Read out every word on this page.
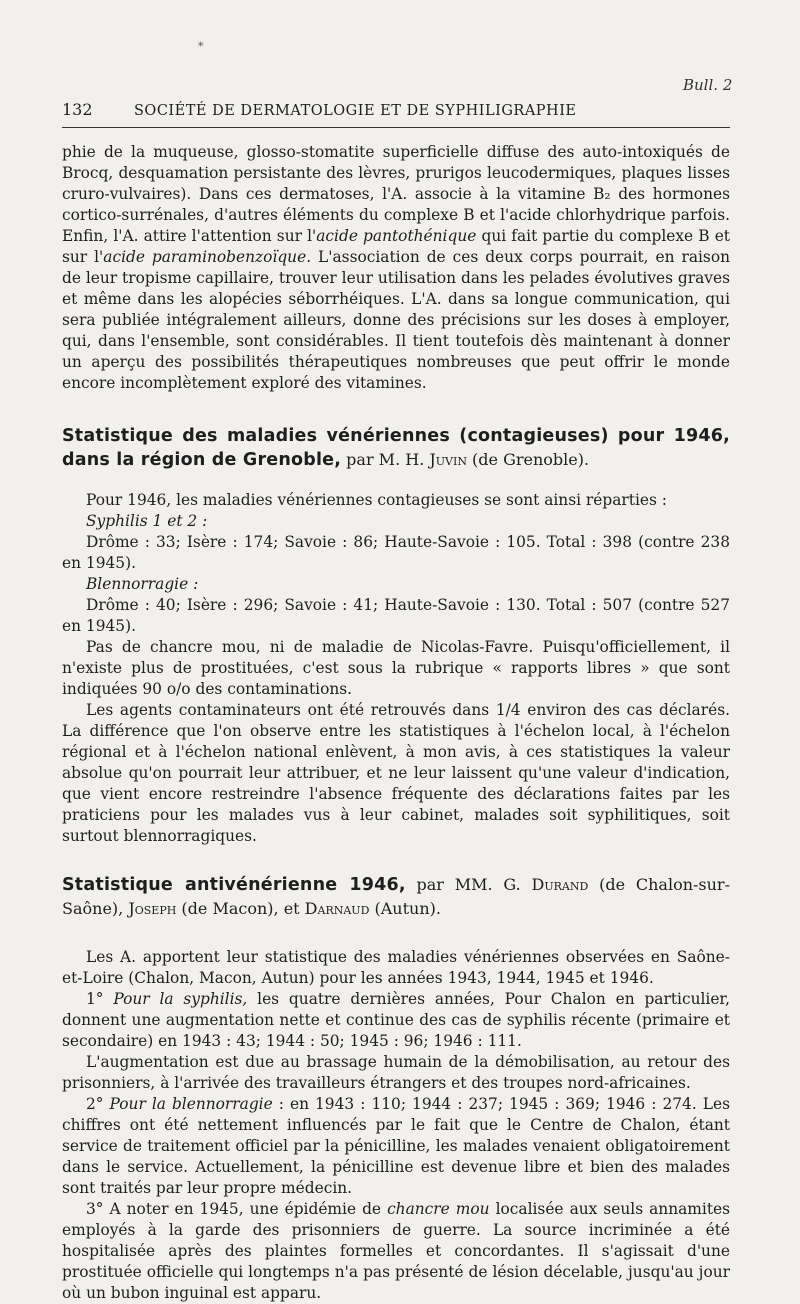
*
Bull. 2
132	SOCIÉTÉ DE DERMATOLOGIE ET DE SYPHILIGRAPHIE

phie de la muqueuse, glosso-stomatite superficielle diffuse des auto-intoxiqués de Brocq, desquamation persistante des lèvres, prurigos leucodermiques, plaques lisses cruro-vulvaires). Dans ces dermatoses, l'A. associe à la vitamine B₂ des hormones cortico-surrénales, d'autres éléments du complexe B et l'acide chlorhydrique parfois. Enfin, l'A. attire l'attention sur l'acide pantothénique qui fait partie du complexe B et sur l'acide paraminobenzoïque. L'association de ces deux corps pourrait, en raison de leur tropisme capillaire, trouver leur utilisation dans les pelades évolutives graves et même dans les alopécies séborrhéiques. L'A. dans sa longue communication, qui sera publiée intégralement ailleurs, donne des précisions sur les doses à employer, qui, dans l'ensemble, sont considérables. Il tient toutefois dès maintenant à donner un aperçu des possibilités thérapeutiques nombreuses que peut offrir le monde encore incomplètement exploré des vitamines.

Statistique des maladies vénériennes (contagieuses) pour 1946, dans la région de Grenoble, par M. H. Juvin (de Grenoble).

Pour 1946, les maladies vénériennes contagieuses se sont ainsi réparties :

Syphilis 1 et 2 :

Drôme : 33; Isère : 174; Savoie : 86; Haute-Savoie : 105. Total : 398 (contre 238 en 1945).

Blennorragie :

Drôme : 40; Isère : 296; Savoie : 41; Haute-Savoie : 130. Total : 507 (contre 527 en 1945).

Pas de chancre mou, ni de maladie de Nicolas-Favre. Puisqu'officiellement, il n'existe plus de prostituées, c'est sous la rubrique « rapports libres » que sont indiquées 90 o/o des contaminations.

Les agents contaminateurs ont été retrouvés dans 1/4 environ des cas déclarés. La différence que l'on observe entre les statistiques à l'échelon local, à l'échelon régional et à l'échelon national enlèvent, à mon avis, à ces statistiques la valeur absolue qu'on pourrait leur attribuer, et ne leur laissent qu'une valeur d'indication, que vient encore restreindre l'absence fréquente des déclarations faites par les praticiens pour les malades vus à leur cabinet, malades soit syphilitiques, soit surtout blennorragiques.

Statistique antivénérienne 1946, par MM. G. Durand (de Chalon-sur-Saône), Joseph (de Macon), et Darnaud (Autun).

Les A. apportent leur statistique des maladies vénériennes observées en Saône-et-Loire (Chalon, Macon, Autun) pour les années 1943, 1944, 1945 et 1946.

1° Pour la syphilis, les quatre dernières années, Pour Chalon en particulier, donnent une augmentation nette et continue des cas de syphilis récente (primaire et secondaire) en 1943 : 43; 1944 : 50; 1945 : 96; 1946 : 111.

L'augmentation est due au brassage humain de la démobilisation, au retour des prisonniers, à l'arrivée des travailleurs étrangers et des troupes nord-africaines.

2° Pour la blennorragie : en 1943 : 110; 1944 : 237; 1945 : 369; 1946 : 274. Les chiffres ont été nettement influencés par le fait que le Centre de Chalon, étant service de traitement officiel par la pénicilline, les malades venaient obligatoirement dans le service. Actuellement, la pénicilline est devenue libre et bien des malades sont traités par leur propre médecin.

3° A noter en 1945, une épidémie de chancre mou localisée aux seuls annamites employés à la garde des prisonniers de guerre. La source incriminée a été hospitalisée après des plaintes formelles et concordantes. Il s'agissait d'une prostituée officielle qui longtemps n'a pas présenté de lésion décelable, jusqu'au jour où un bubon inguinal est apparu.
